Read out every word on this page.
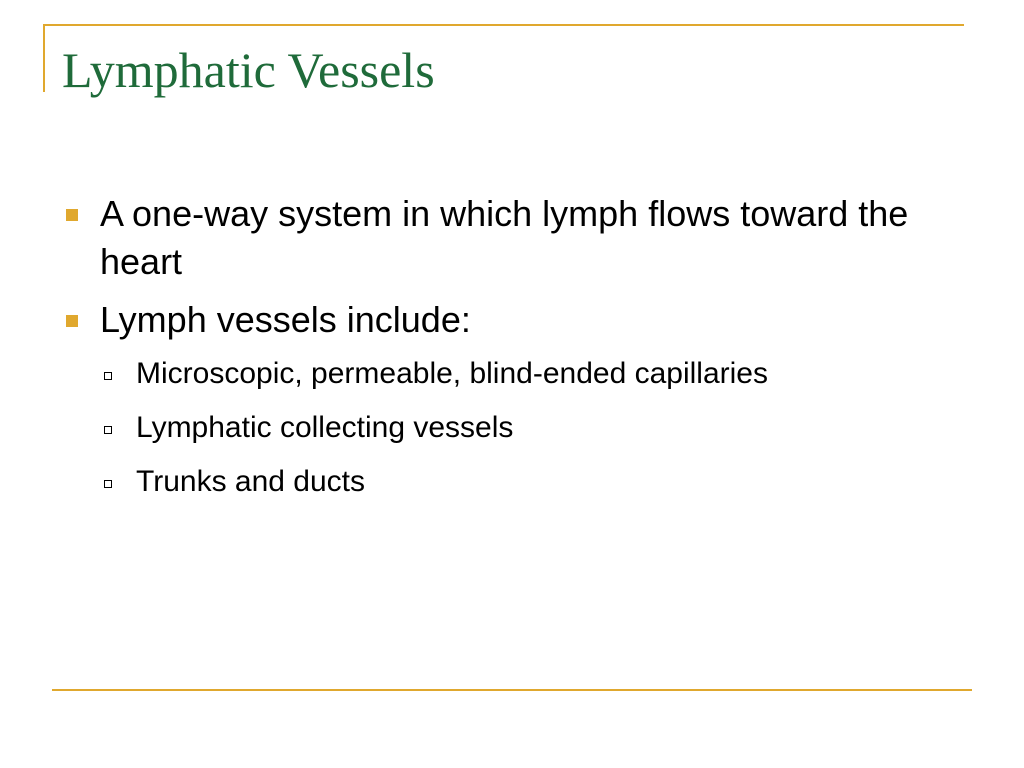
Lymphatic Vessels
A one-way system in which lymph flows toward the heart
Lymph vessels include:
Microscopic, permeable, blind-ended capillaries
Lymphatic collecting vessels
Trunks and ducts
